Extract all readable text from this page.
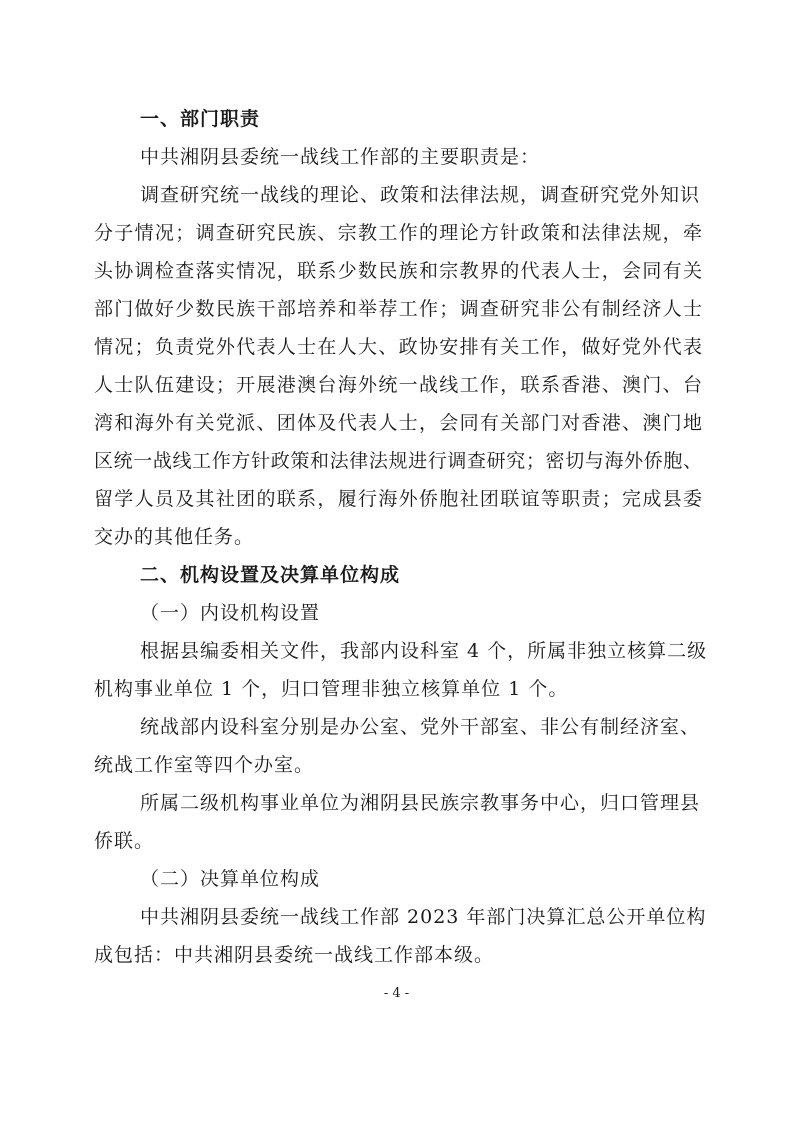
一、部门职责
中共湘阴县委统一战线工作部的主要职责是：
调查研究统一战线的理论、政策和法律法规，调查研究党外知识
分子情况；调查研究民族、宗教工作的理论方针政策和法律法规，牵
头协调检查落实情况，联系少数民族和宗教界的代表人士，会同有关
部门做好少数民族干部培养和举荐工作；调查研究非公有制经济人士
情况；负责党外代表人士在人大、政协安排有关工作，做好党外代表
人士队伍建设；开展港澳台海外统一战线工作，联系香港、澳门、台
湾和海外有关党派、团体及代表人士，会同有关部门对香港、澳门地
区统一战线工作方针政策和法律法规进行调查研究；密切与海外侨胞、
留学人员及其社团的联系，履行海外侨胞社团联谊等职责；完成县委
交办的其他任务。
二、机构设置及决算单位构成
（一）内设机构设置
根据县编委相关文件，我部内设科室 4 个，所属非独立核算二级
机构事业单位 1 个，归口管理非独立核算单位 1 个。
统战部内设科室分别是办公室、党外干部室、非公有制经济室、
统战工作室等四个办室。
所属二级机构事业单位为湘阴县民族宗教事务中心，归口管理县
侨联。
（二）决算单位构成
中共湘阴县委统一战线工作部 2023 年部门决算汇总公开单位构
成包括：中共湘阴县委统一战线工作部本级。
- 4 -
